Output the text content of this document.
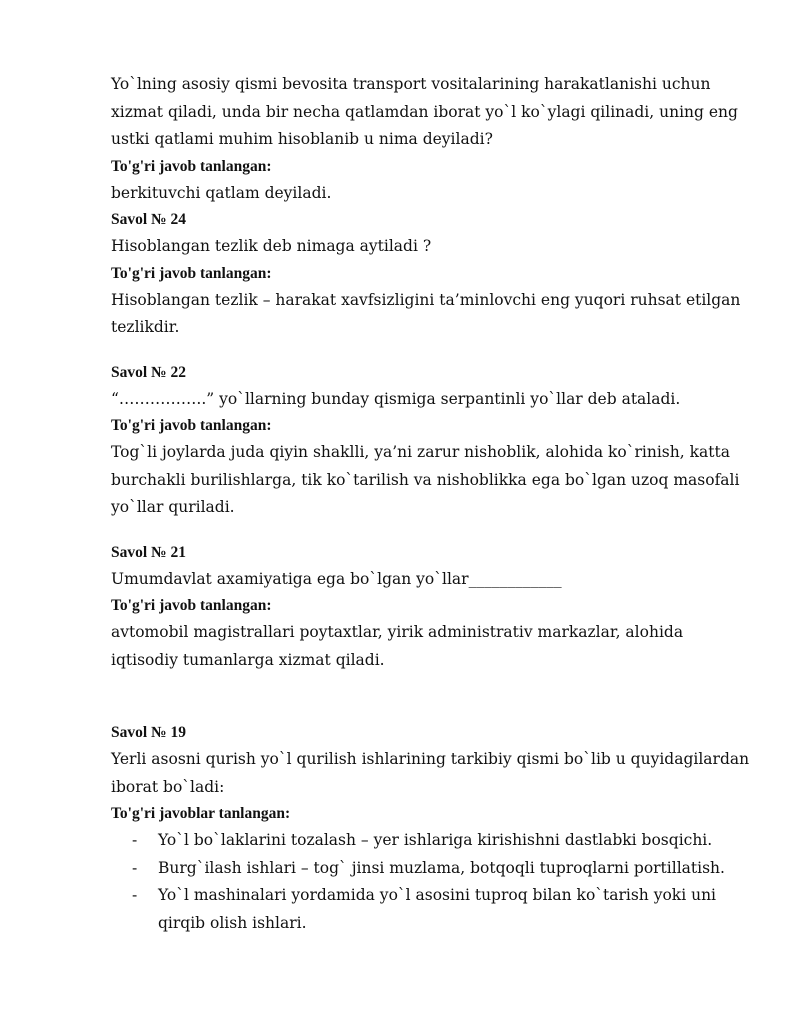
Yo`lning asosiy qismi bevosita transport vositalarining harakatlanishi uchun xizmat qiladi, unda bir necha qatlamdan iborat yo`l ko`ylagi qilinadi, uning eng ustki qatlami muhim hisoblanib u nima deyiladi?

To'g'ri javob tanlangan:

berkituvchi qatlam deyiladi.

Savol № 24

Hisoblangan tezlik deb nimaga aytiladi ?

To'g'ri javob tanlangan:

Hisoblangan tezlik – harakat xavfsizligini ta’minlovchi eng yuqori ruhsat etilgan tezlikdir.

Savol № 22

“……………..” yo`llarning bunday qismiga serpantinli yo`llar deb ataladi.

To'g'ri javob tanlangan:

Tog`li joylarda juda qiyin shaklli, ya’ni zarur nishoblik, alohida ko`rinish, katta burchakli burilishlarga, tik ko`tarilish va nishoblikka ega bo`lgan uzoq masofali yo`llar quriladi.

Savol № 21

Umumdavlat axamiyatiga ega bo`lgan yo`llar____________

To'g'ri javob tanlangan:

avtomobil magistrallari poytaxtlar, yirik administrativ markazlar, alohida iqtisodiy tumanlarga xizmat qiladi.

Savol № 19

Yerli asosni qurish yo`l qurilish ishlarining tarkibiy qismi bo`lib u quyidagilardan iborat bo`ladi:

To'g'ri javoblar tanlangan:

- Yo`l bo`laklarini tozalash – yer ishlariga kirishishni dastlabki bosqichi.
- Burg`ilash ishlari – tog` jinsi muzlama, botqoqli tuproqlarni portillatish.
- Yo`l mashinalari yordamida yo`l asosini tuproq bilan ko`tarish yoki uni qirqib olish ishlari.
